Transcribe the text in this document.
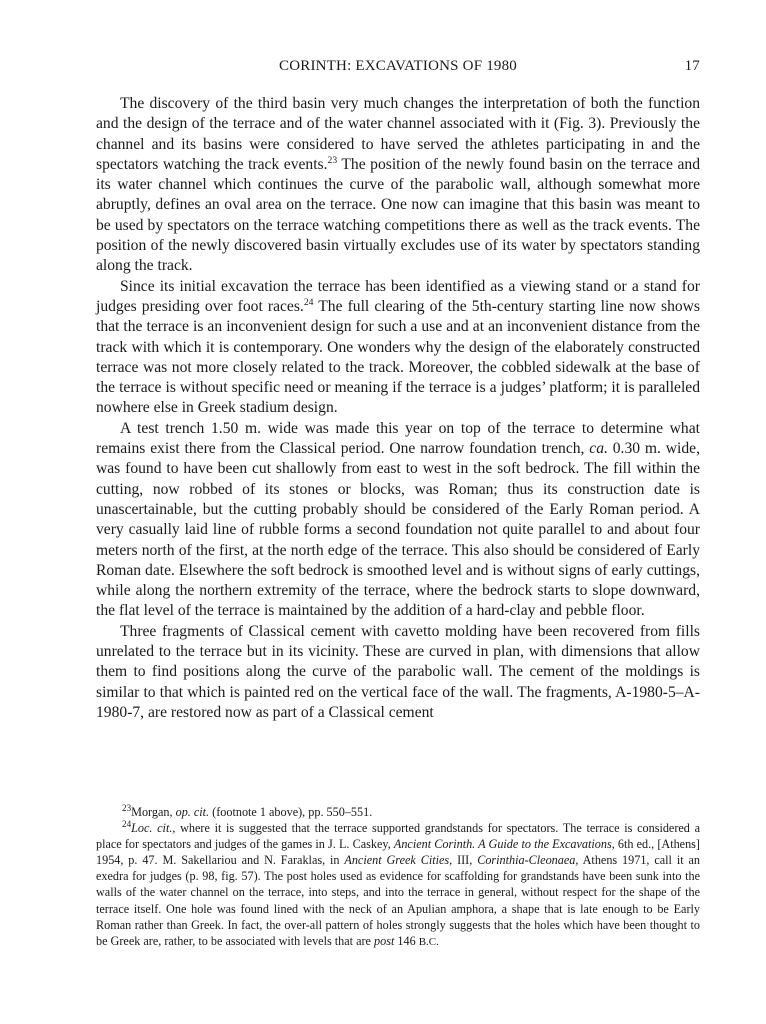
CORINTH: EXCAVATIONS OF 1980	17

The discovery of the third basin very much changes the interpretation of both the function and the design of the terrace and of the water channel associated with it (Fig. 3). Previously the channel and its basins were considered to have served the athletes participating in and the spectators watching the track events.$^{23}$ The position of the newly found basin on the terrace and its water channel which continues the curve of the parabolic wall, although somewhat more abruptly, defines an oval area on the terrace. One now can imagine that this basin was meant to be used by spectators on the terrace watching competitions there as well as the track events. The position of the newly discovered basin virtually excludes use of its water by spectators standing along the track.

Since its initial excavation the terrace has been identified as a viewing stand or a stand for judges presiding over foot races.$^{24}$ The full clearing of the 5th-century starting line now shows that the terrace is an inconvenient design for such a use and at an inconvenient distance from the track with which it is contemporary. One wonders why the design of the elaborately constructed terrace was not more closely related to the track. Moreover, the cobbled sidewalk at the base of the terrace is without specific need or meaning if the terrace is a judges’ platform; it is paralleled nowhere else in Greek stadium design.

A test trench 1.50 m. wide was made this year on top of the terrace to determine what remains exist there from the Classical period. One narrow foundation trench, ca. 0.30 m. wide, was found to have been cut shallowly from east to west in the soft bedrock. The fill within the cutting, now robbed of its stones or blocks, was Roman; thus its construction date is unascertainable, but the cutting probably should be considered of the Early Roman period. A very casually laid line of rubble forms a second foundation not quite parallel to and about four meters north of the first, at the north edge of the terrace. This also should be considered of Early Roman date. Elsewhere the soft bedrock is smoothed level and is without signs of early cuttings, while along the northern extremity of the terrace, where the bedrock starts to slope downward, the flat level of the terrace is maintained by the addition of a hard-clay and pebble floor.

Three fragments of Classical cement with cavetto molding have been recovered from fills unrelated to the terrace but in its vicinity. These are curved in plan, with dimensions that allow them to find positions along the curve of the parabolic wall. The cement of the moldings is similar to that which is painted red on the vertical face of the wall. The fragments, A-1980-5–A-1980-7, are restored now as part of a Classical cement

$^{23}$Morgan, op. cit. (footnote 1 above), pp. 550–551.

$^{24}$Loc. cit., where it is suggested that the terrace supported grandstands for spectators. The terrace is considered a place for spectators and judges of the games in J. L. Caskey, Ancient Corinth. A Guide to the Excavations, 6th ed., [Athens] 1954, p. 47. M. Sakellariou and N. Faraklas, in Ancient Greek Cities, III, Corinthia-Cleonaea, Athens 1971, call it an exedra for judges (p. 98, fig. 57). The post holes used as evidence for scaffolding for grandstands have been sunk into the walls of the water channel on the terrace, into steps, and into the terrace in general, without respect for the shape of the terrace itself. One hole was found lined with the neck of an Apulian amphora, a shape that is late enough to be Early Roman rather than Greek. In fact, the over-all pattern of holes strongly suggests that the holes which have been thought to be Greek are, rather, to be associated with levels that are post 146 B.C.
